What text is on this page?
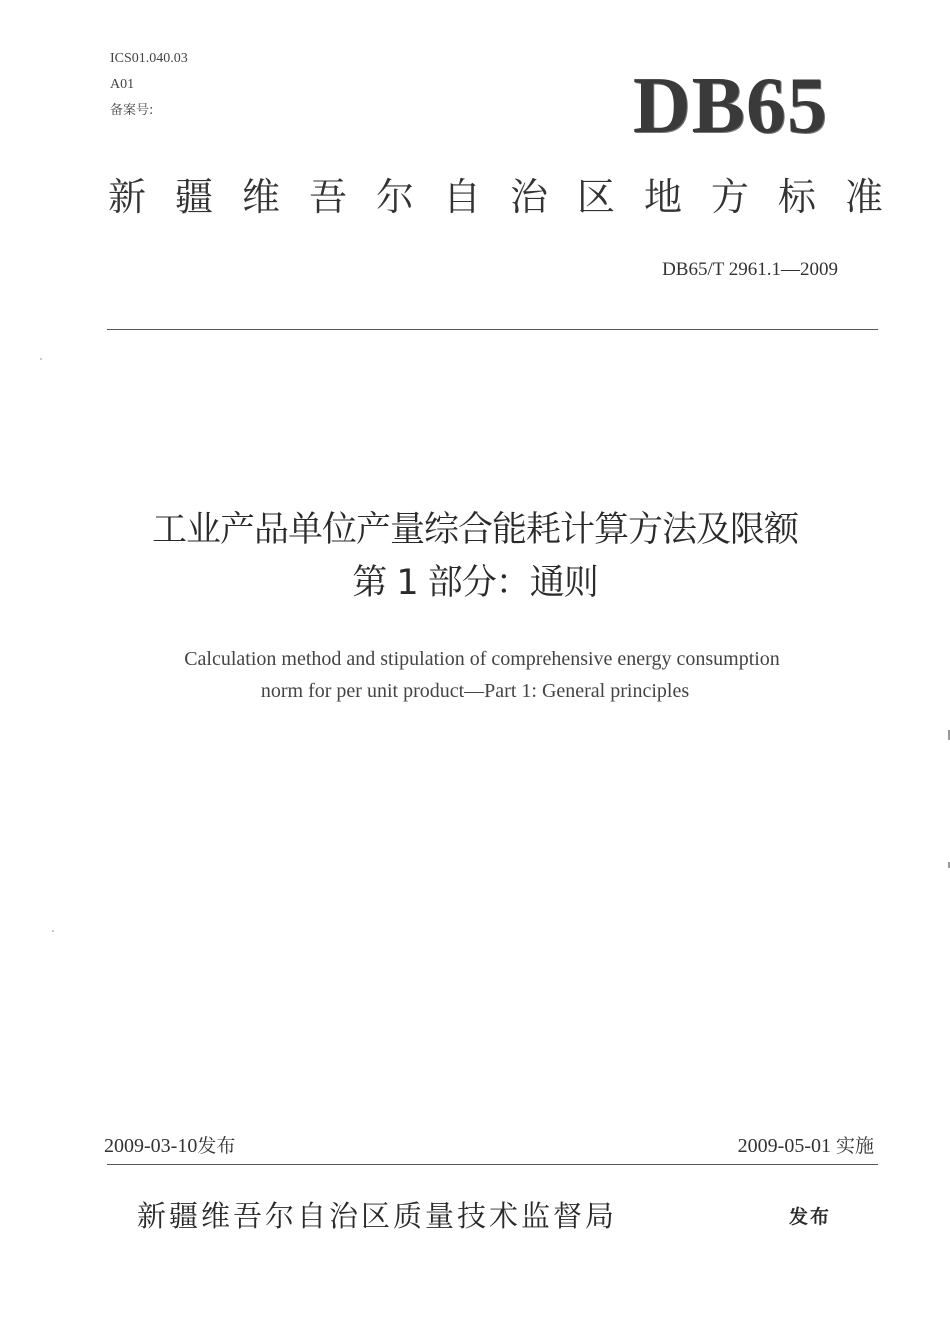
ICS01.040.03
A01
备案号:	DB65
新疆维吾尔自治区地方标准
DB65/T 2961.1—2009
工业产品单位产量综合能耗计算方法及限额
第 1 部分：通则
Calculation method and stipulation of comprehensive energy consumption
norm for per unit product—Part 1: General principles
2009-03-10发布	2009-05-01 实施
新疆维吾尔自治区质量技术监督局	发布
